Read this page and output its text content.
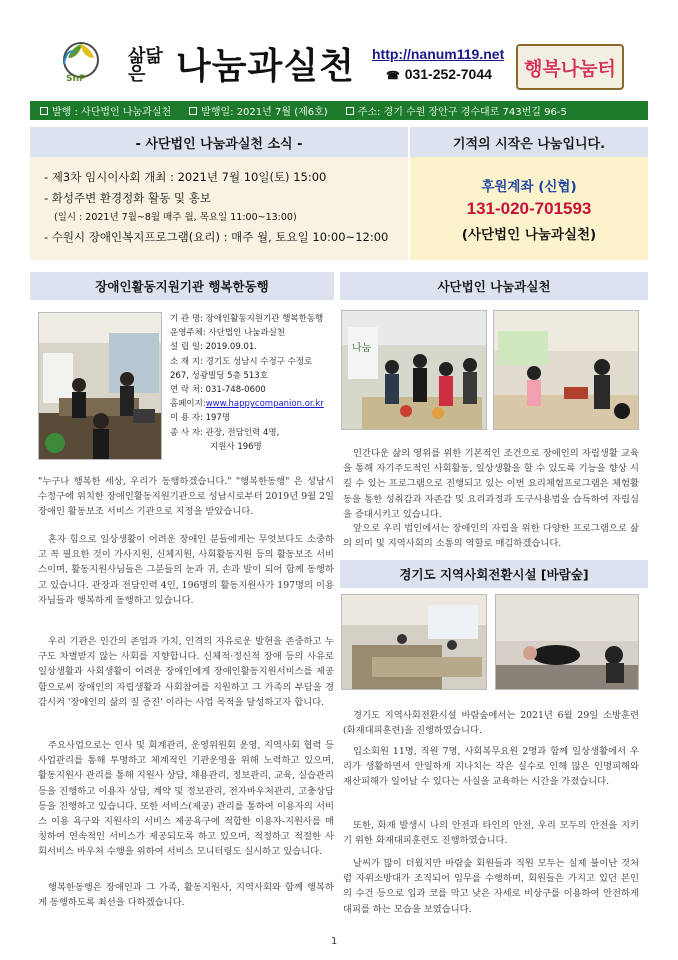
SnP
삶닮은 나눔과실천 http://nanum119.net
☎ 031-252-7044	행복나눔터
발행 : 사단법인 나눔과실천	발행일: 2021년 7월 (제6호)	주소: 경기 수원 장안구 경수대로 743번길 96-5
- 사단법인 나눔과실천 소식 -
- 제3차 임시이사회 개최 : 2021년 7월 10일(토) 15:00
- 화성주변 환경정화 활동 및 홍보
(일시 : 2021년 7월~8월 매주 월, 목요일 11:00~13:00)
- 수원시 장애인복지프로그램(요리) : 매주 월, 토요일 10:00~12:00
기적의 시작은 나눔입니다.
후원계좌 (신협)
131-020-701593
(사단법인 나눔과실천)
장애인활동지원기관 행복한동행	사단법인 나눔과실천
기 관 명: 장애인활동지원기관 행복한동행
운영주체: 사단법인 나눔과실천
설 립 일: 2019.09.01.
소 재 지: 경기도 성남시 수정구 수정로
267, 성광빌딩 5층 513호
연 락 처: 031-748-0600
홈페이지: www.happycompanion.or.kr
이 용 자: 197명
종 사 자: 관장, 전담인력 4명,
지원사 196명
"누구나 행복한 세상, 우리가 동행하겠습니다." "행복한동행" 은 성남시 수정구에 위치한 장애인활동지원기관으로 성남시로부터 2019년 9월 2일 장애인 활동보조 서비스 기관으로 지정을 받았습니다.
혼자 힘으로 일상생활이 어려운 장애인 분들에게는 무엇보다도 소중하고 꼭 필요한 것이 가사지원, 신체지원, 사회활동지원 등의 활동보조 서비스이며, 활동지원사님들은 그분들의 눈과 귀, 손과 발이 되어 함께 동행하고 있습니다. 관장과 전담인력 4인, 196명의 활동지원사가 197명의 이용자님들과 행복하게 동행하고 있습니다.
우리 기관은 인간의 존엄과 가치, 인격의 자유로운 발현을 존중하고 누구도 차별받지 않는 사회를 지향합니다. 신체적·정신적 장애 등의 사유로 일상생활과 사회생활이 어려운 장애인에게 장애인활동지원서비스를 제공함으로써 장애인의 자립생활과 사회참여를 지원하고 그 가족의 부담을 경감시켜 '장애인의 삶의 질 증진' 이라는 사업 목적을 달성하고자 합니다.
주요사업으로는 인사 및 회계관리, 운영위원회 운영, 지역사회 협력 등 사업관리를 통해 투명하고 체계적인 기관운영을 위해 노력하고 있으며, 활동지원사 관리를 통해 지원사 상담, 채용관리, 정보관리, 교육, 실습관리 등을 진행하고 이용자 상담, 계약 및 정보관리, 전자바우처관리, 고충상담 등을 진행하고 있습니다. 또한 서비스(제공) 관리를 통하여 이용자의 서비스 이용 욕구와 지원사의 서비스 제공욕구에 적합한 이용자-지원사를 매칭하여 연속적인 서비스가 제공되도록 하고 있으며, 적정하고 적절한 사회서비스 바우처 수행을 위하여 서비스 모니터링도 실시하고 있습니다.
행복한동행은 장애인과 그 가족, 활동지원사, 지역사회와 함께 행복하게 동행하도록 최선을 다하겠습니다.
나눔
인간다운 삶의 영위를 위한 기본적인 조건으로 장애인의 자립생활 교육을 통해 자기주도적인 사회활동, 일상생활을 할 수 있도록 기능을 향상 시킬 수 있는 프로그램으로 진행되고 있는 이번 요리체험프로그램은 체험활동을 통한 성취감과 자존감 및 요리과정과 도구사용법을 습득하여 자립심을 증대시키고 있습니다.
앞으로 우리 법인에서는 장애인의 자립을 위한 다양한 프로그램으로 삶의 의미 및 지역사회의 소통의 역할로 매김하겠습니다.
경기도 지역사회전환시설 [바람숲]
경기도 지역사회전환시설 바람숲에서는 2021년 6월 29일 소방훈련(화재대피훈련)을 진행하였습니다.
입소회원 11명, 직원 7명, 사회복무요원 2명과 함께 일상생활에서 우리가 생활하면서 안일하게 지나치는 작은 실수로 인해 많은 인명피해와 재산피해가 일어날 수 있다는 사실을 교육하는 시간을 가졌습니다.
또한, 화재 발생시 나의 안전과 타인의 안전, 우리 모두의 안전을 지키기 위한 화재대피훈련도 진행하였습니다.
날씨가 많이 더웠지만 바람숲 회원들과 직원 모두는 실제 불이난 것처럼 자위소방대가 조직되어 임무를 수행하며, 회원들은 가지고 있던 본인의 수건 등으로 입과 코를 막고 낮은 자세로 비상구를 이용하여 안전하게 대피를 하는 모습을 보였습니다.
1
